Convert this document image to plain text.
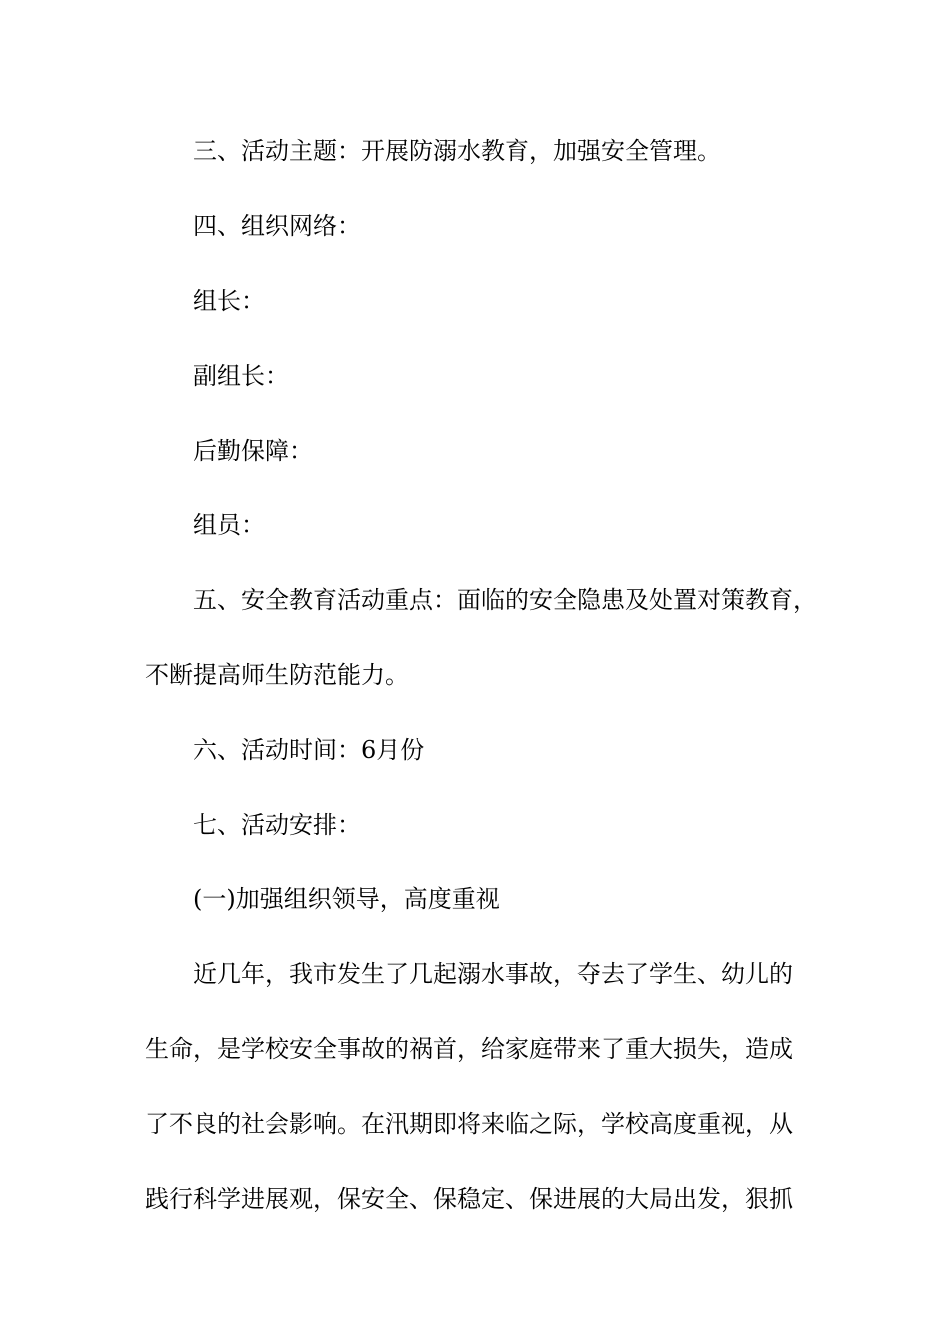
三、活动主题：开展防溺水教育，加强安全管理。
四、组织网络：
组长：
副组长：
后勤保障：
组员：
五、安全教育活动重点：面临的安全隐患及处置对策教育，
不断提高师生防范能力。
六、活动时间：6月份
七、活动安排：
(一)加强组织领导，高度重视
近几年，我市发生了几起溺水事故，夺去了学生、幼儿的
生命，是学校安全事故的祸首，给家庭带来了重大损失，造成
了不良的社会影响。在汛期即将来临之际，学校高度重视，从
践行科学进展观，保安全、保稳定、保进展的大局出发，狠抓
